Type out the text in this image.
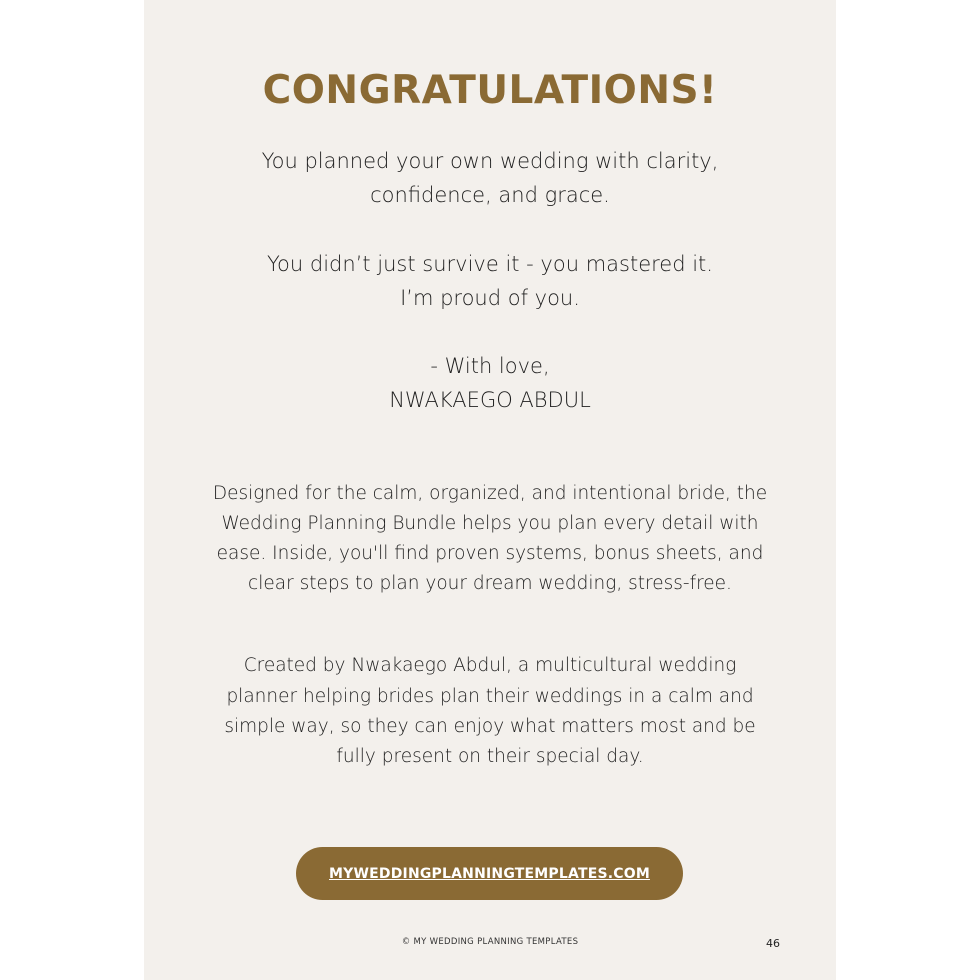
CONGRATULATIONS!
You planned your own wedding with clarity,
confidence, and grace.
You didn’t just survive it - you mastered it.
I’m proud of you.
- With love,
NWAKAEGO ABDUL
Designed for the calm, organized, and intentional bride, the
Wedding Planning Bundle helps you plan every detail with
ease. Inside, you'll find proven systems, bonus sheets, and
clear steps to plan your dream wedding, stress-free.
Created by Nwakaego Abdul, a multicultural wedding
planner helping brides plan their weddings in a calm and
simple way, so they can enjoy what matters most and be
fully present on their special day.
MYWEDDINGPLANNINGTEMPLATES.COM
© MY WEDDING PLANNING TEMPLATES	46
